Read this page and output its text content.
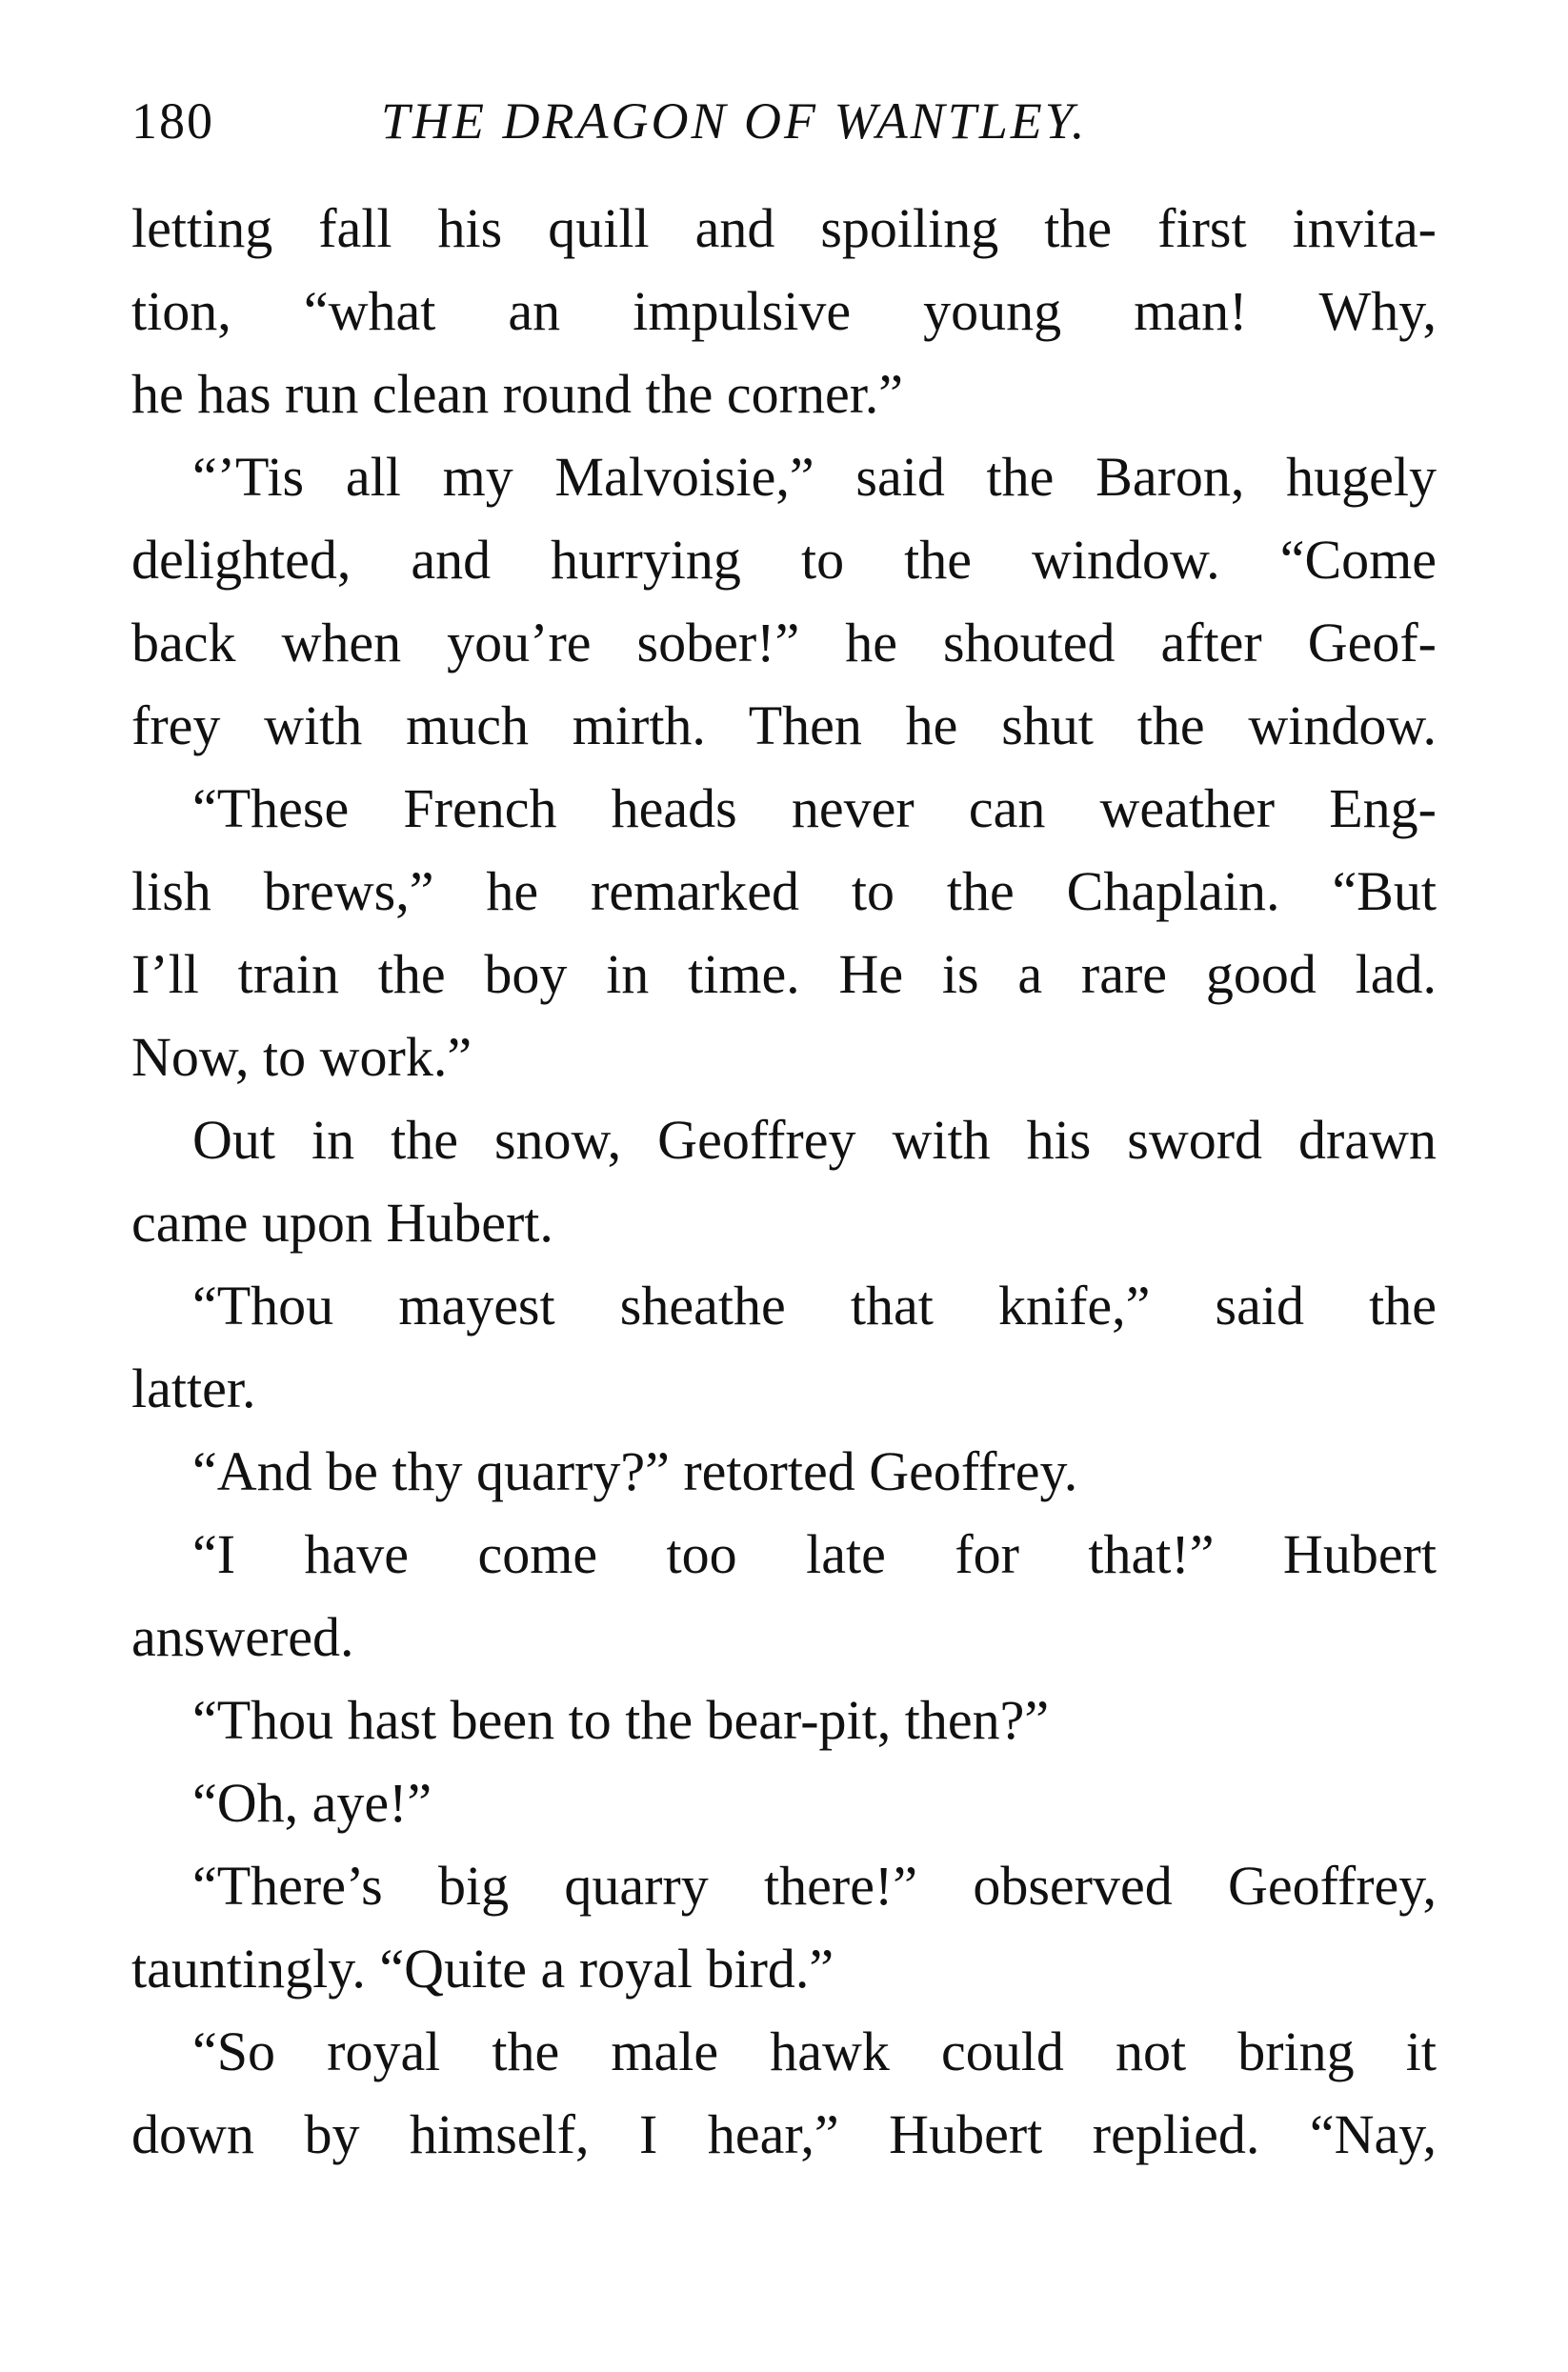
180	THE DRAGON OF WANTLEY.
letting fall his quill and spoiling the first invita-
tion, “what an impulsive young man! Why,
he has run clean round the corner.”
“’Tis all my Malvoisie,” said the Baron, hugely
delighted, and hurrying to the window. “Come
back when you’re sober!” he shouted after Geof-
frey with much mirth. Then he shut the window.
“These French heads never can weather Eng-
lish brews,” he remarked to the Chaplain. “But
I’ll train the boy in time. He is a rare good lad.
Now, to work.”
Out in the snow, Geoffrey with his sword drawn
came upon Hubert.
“Thou mayest sheathe that knife,” said the
latter.
“And be thy quarry?” retorted Geoffrey.
“I have come too late for that!” Hubert
answered.
“Thou hast been to the bear-pit, then?”
“Oh, aye!”
“There’s big quarry there!” observed Geoffrey,
tauntingly. “Quite a royal bird.”
“So royal the male hawk could not bring it
down by himself, I hear,” Hubert replied. “Nay,
